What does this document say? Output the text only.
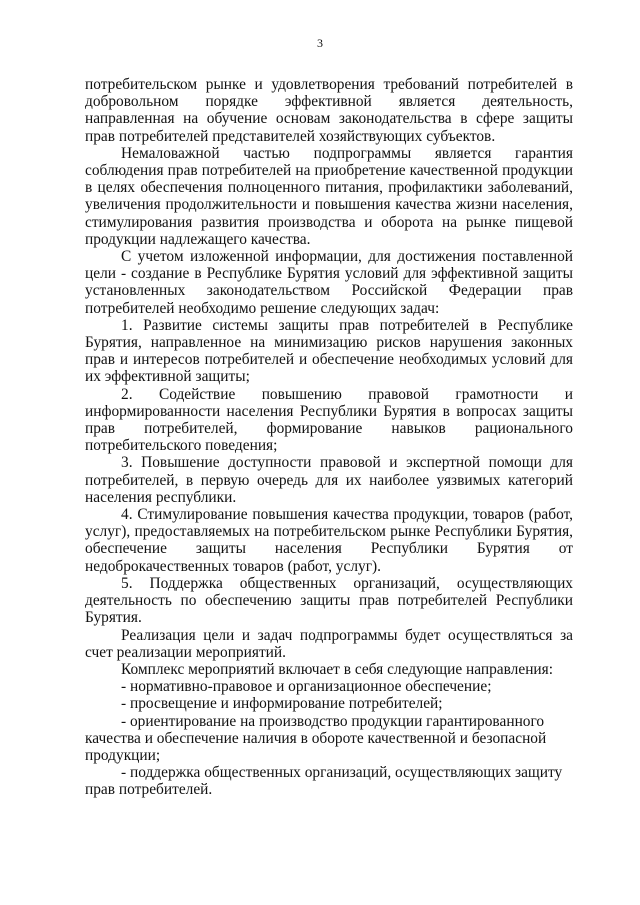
3

потребительском рынке и удовлетворения требований потребителей в добровольном порядке эффективной является деятельность, направленная на обучение основам законодательства в сфере защиты прав потребителей представителей хозяйствующих субъектов.

Немаловажной частью подпрограммы является гарантия соблюдения прав потребителей на приобретение качественной продукции в целях обеспечения полноценного питания, профилактики заболеваний, увеличения продолжительности и повышения качества жизни населения, стимулирования развития производства и оборота на рынке пищевой продукции надлежащего качества.

С учетом изложенной информации, для достижения поставленной цели - создание в Республике Бурятия условий для эффективной защиты установленных законодательством Российской Федерации прав потребителей необходимо решение следующих задач:

1. Развитие системы защиты прав потребителей в Республике Бурятия, направленное на минимизацию рисков нарушения законных прав и интересов потребителей и обеспечение необходимых условий для их эффективной защиты;

2. Содействие повышению правовой грамотности и информированности населения Республики Бурятия в вопросах защиты прав потребителей, формирование навыков рационального потребительского поведения;

3. Повышение доступности правовой и экспертной помощи для потребителей, в первую очередь для их наиболее уязвимых категорий населения республики.

4. Стимулирование повышения качества продукции, товаров (работ, услуг), предоставляемых на потребительском рынке Республики Бурятия, обеспечение защиты населения Республики Бурятия от недоброкачественных товаров (работ, услуг).

5. Поддержка общественных организаций, осуществляющих деятельность по обеспечению защиты прав потребителей Республики Бурятия.

Реализация цели и задач подпрограммы будет осуществляться за счет реализации мероприятий.

Комплекс мероприятий включает в себя следующие направления:

- нормативно-правовое и организационное обеспечение;

- просвещение и информирование потребителей;

- ориентирование на производство продукции гарантированного качества и обеспечение наличия в обороте качественной и безопасной продукции;

- поддержка общественных организаций, осуществляющих защиту прав потребителей.
